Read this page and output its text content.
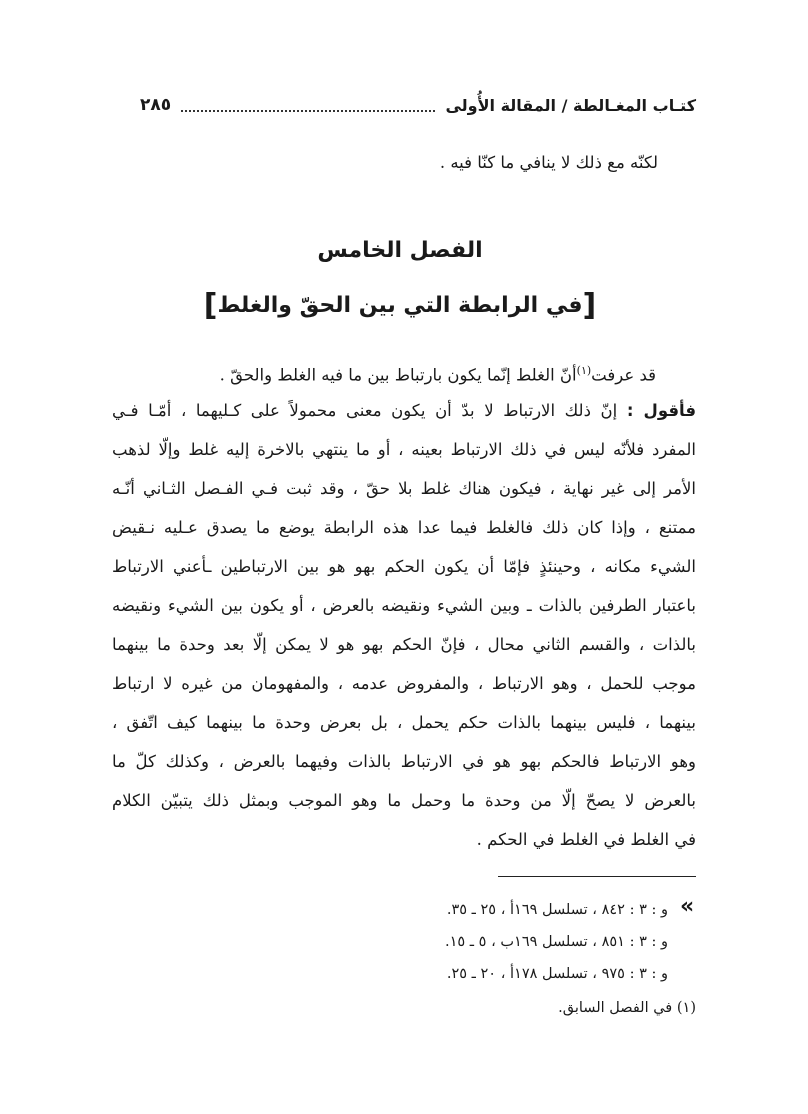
كتـاب المغـالطة / المقالة الأُولى
٢٨٥
لكنّه مع ذلك لا ينافي ما كنّا فيه .
الفصل الخامس
[في الرابطة التي بين الحقّ والغلط]
قد عرفت$^{(١)}$أنّ الغلط إنّما يكون بارتباط بين ما فيه الغلط والحقّ .
فأقول : إنّ ذلك الارتباط لا بدّ أن يكون معنى محمولاً على كـليهما ، أمّـا فـي
المفرد فلأنّه ليس في ذلك الارتباط بعينه ، أو ما ينتهي بالاخرة إليه غلط وإلّا لذهب
الأمر إلى غير نهاية ، فيكون هناك غلط بلا حقّ ، وقد ثبت فـي الفـصل الثـاني أنّـه
ممتنع ، وإذا كان ذلك فالغلط فيما عدا هذه الرابطة يوضع ما يصدق عـليه نـقيض
الشيء مكانه ، وحينئذٍ فإمّا أن يكون الحكم بهو هو بين الارتباطين ـأعني الارتباط
باعتبار الطرفين بالذات ـ وبين الشيء ونقيضه بالعرض ، أو يكون بين الشيء ونقيضه
بالذات ، والقسم الثاني محال ، فإنّ الحكم بهو هو لا يمكن إلّا بعد وحدة ما بينهما
موجب للحمل ، وهو الارتباط ، والمفروض عدمه ، والمفهومان من غيره لا ارتباط
بينهما ، فليس بينهما بالذات حكم يحمل ، بل بعرض وحدة ما بينهما كيف اتّفق ،
وهو الارتباط فالحكم بهو هو في الارتباط بالذات وفيهما بالعرض ، وكذلك كلّ ما
بالعرض لا يصحّ إلّا من وحدة ما وحمل ما وهو الموجب وبمثل ذلك يتبيّن الكلام
في الغلط في الغلط في الحكم .
»
و : ٣ : ٨٤٢ ، تسلسل ١٦٩أ ، ٢٥ ـ ٣٥.
و : ٣ : ٨٥١ ، تسلسل ١٦٩ب ، ٥ ـ ١٥.
و : ٣ : ٩٧٥ ، تسلسل ١٧٨أ ، ٢٠ ـ ٢٥.
(١) في الفصل السابق.
